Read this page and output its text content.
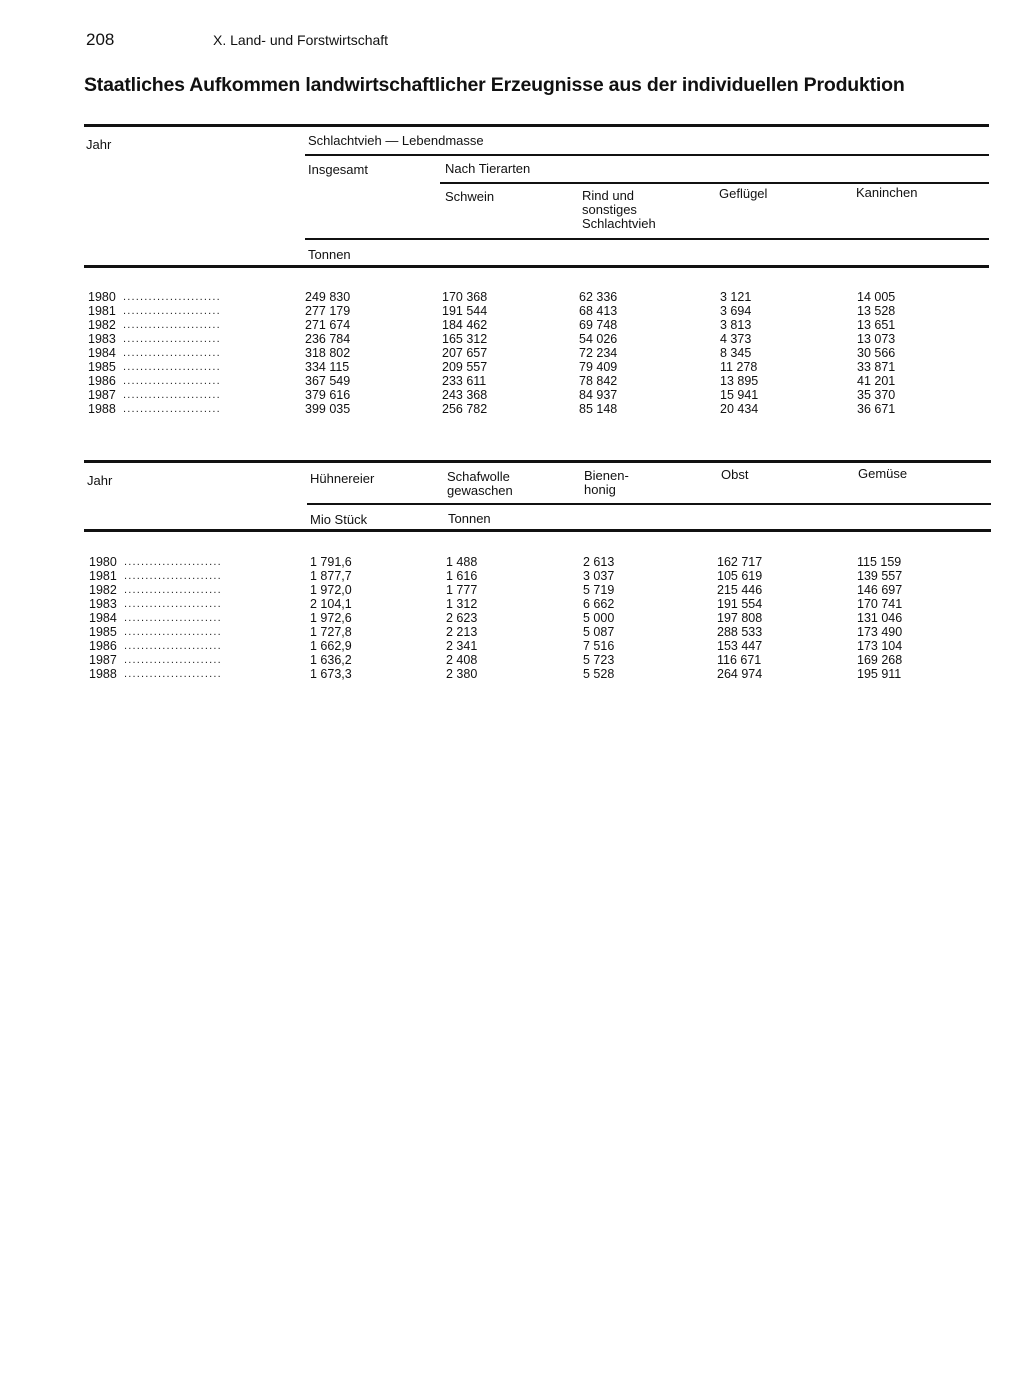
208	X. Land- und Forstwirtschaft
Staatliches Aufkommen landwirtschaftlicher Erzeugnisse aus der individuellen Produktion
Jahr	Schlachtvieh — Lebendmasse
Insgesamt	Nach Tierarten
Schwein	Rind und
sonstiges
Schlachtvieh
Geflügel	Kaninchen
Tonnen
1980 .......................	249 830	170 368	62 336	3 121	14 005
1981 .......................	277 179	191 544	68 413	3 694	13 528
1982 .......................	271 674	184 462	69 748	3 813	13 651
1983 .......................	236 784	165 312	54 026	4 373	13 073
1984 .......................	318 802	207 657	72 234	8 345	30 566
1985 .......................	334 115	209 557	79 409	11 278	33 871
1986 .......................	367 549	233 611	78 842	13 895	41 201
1987 .......................	379 616	243 368	84 937	15 941	35 370
1988 .......................	399 035	256 782	85 148	20 434	36 671
Jahr	Hühnereier	Schafwolle
gewaschen
Bienen-
honig
Obst	Gemüse
Mio Stück	Tonnen
1980 .......................	1 791,6	1 488	2 613	162 717	115 159
1981 .......................	1 877,7	1 616	3 037	105 619	139 557
1982 .......................	1 972,0	1 777	5 719	215 446	146 697
1983 .......................	2 104,1	1 312	6 662	191 554	170 741
1984 .......................	1 972,6	2 623	5 000	197 808	131 046
1985 .......................	1 727,8	2 213	5 087	288 533	173 490
1986 .......................	1 662,9	2 341	7 516	153 447	173 104
1987 .......................	1 636,2	2 408	5 723	116 671	169 268
1988 .......................	1 673,3	2 380	5 528	264 974	195 911
